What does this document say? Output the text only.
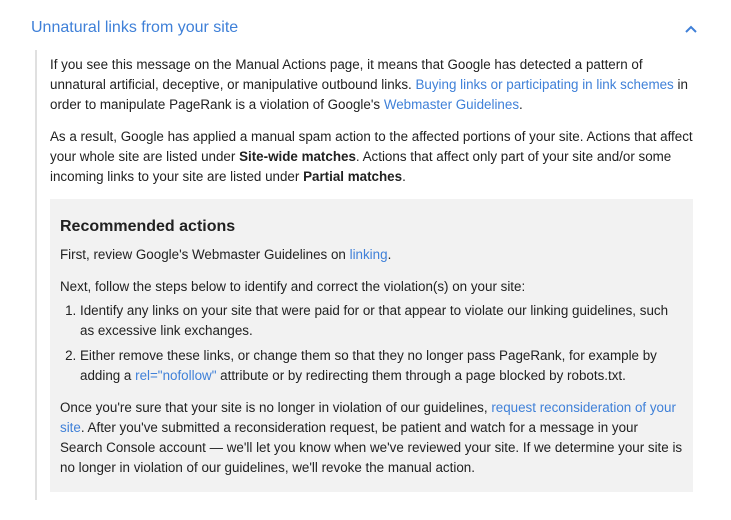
Unnatural links from your site

If you see this message on the Manual Actions page, it means that Google has detected a pattern of unnatural artificial, deceptive, or manipulative outbound links. Buying links or participating in link schemes in order to manipulate PageRank is a violation of Google's Webmaster Guidelines.

As a result, Google has applied a manual spam action to the affected portions of your site. Actions that affect your whole site are listed under Site-wide matches. Actions that affect only part of your site and/or some incoming links to your site are listed under Partial matches.

Recommended actions

First, review Google's Webmaster Guidelines on linking.

Next, follow the steps below to identify and correct the violation(s) on your site:

1. Identify any links on your site that were paid for or that appear to violate our linking guidelines, such as excessive link exchanges.
2. Either remove these links, or change them so that they no longer pass PageRank, for example by adding a rel="nofollow" attribute or by redirecting them through a page blocked by robots.txt.

Once you're sure that your site is no longer in violation of our guidelines, request reconsideration of your site. After you've submitted a reconsideration request, be patient and watch for a message in your Search Console account — we'll let you know when we've reviewed your site. If we determine your site is no longer in violation of our guidelines, we'll revoke the manual action.
